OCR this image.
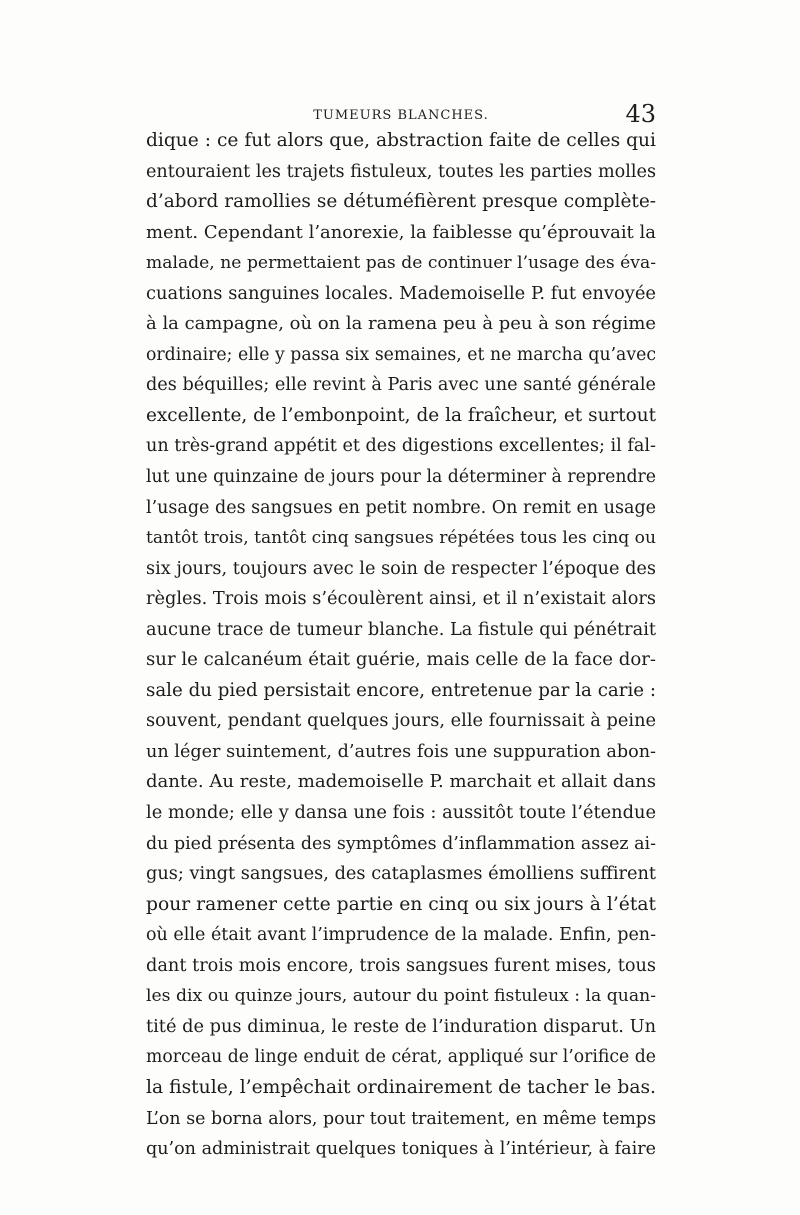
TUMEURS BLANCHES.	43
dique : ce fut alors que, abstraction faite de celles qui
entouraient les trajets fistuleux, toutes les parties molles
d’abord ramollies se détuméfièrent presque complète-
ment. Cependant l’anorexie, la faiblesse qu’éprouvait la
malade, ne permettaient pas de continuer l’usage des éva-
cuations sanguines locales. Mademoiselle P. fut envoyée
à la campagne, où on la ramena peu à peu à son régime
ordinaire; elle y passa six semaines, et ne marcha qu’avec
des béquilles; elle revint à Paris avec une santé générale
excellente, de l’embonpoint, de la fraîcheur, et surtout
un très-grand appétit et des digestions excellentes; il fal-
lut une quinzaine de jours pour la déterminer à reprendre
l’usage des sangsues en petit nombre. On remit en usage
tantôt trois, tantôt cinq sangsues répétées tous les cinq ou
six jours, toujours avec le soin de respecter l’époque des
règles. Trois mois s’écoulèrent ainsi, et il n’existait alors
aucune trace de tumeur blanche. La fistule qui pénétrait
sur le calcanéum était guérie, mais celle de la face dor-
sale du pied persistait encore, entretenue par la carie :
souvent, pendant quelques jours, elle fournissait à peine
un léger suintement, d’autres fois une suppuration abon-
dante. Au reste, mademoiselle P. marchait et allait dans
le monde; elle y dansa une fois : aussitôt toute l’étendue
du pied présenta des symptômes d’inflammation assez ai-
gus; vingt sangsues, des cataplasmes émolliens suffirent
pour ramener cette partie en cinq ou six jours à l’état
où elle était avant l’imprudence de la malade. Enfin, pen-
dant trois mois encore, trois sangsues furent mises, tous
les dix ou quinze jours, autour du point fistuleux : la quan-
tité de pus diminua, le reste de l’induration disparut. Un
morceau de linge enduit de cérat, appliqué sur l’orifice de
la fistule, l’empêchait ordinairement de tacher le bas.
L’on se borna alors, pour tout traitement, en même temps
qu’on administrait quelques toniques à l’intérieur, à faire
